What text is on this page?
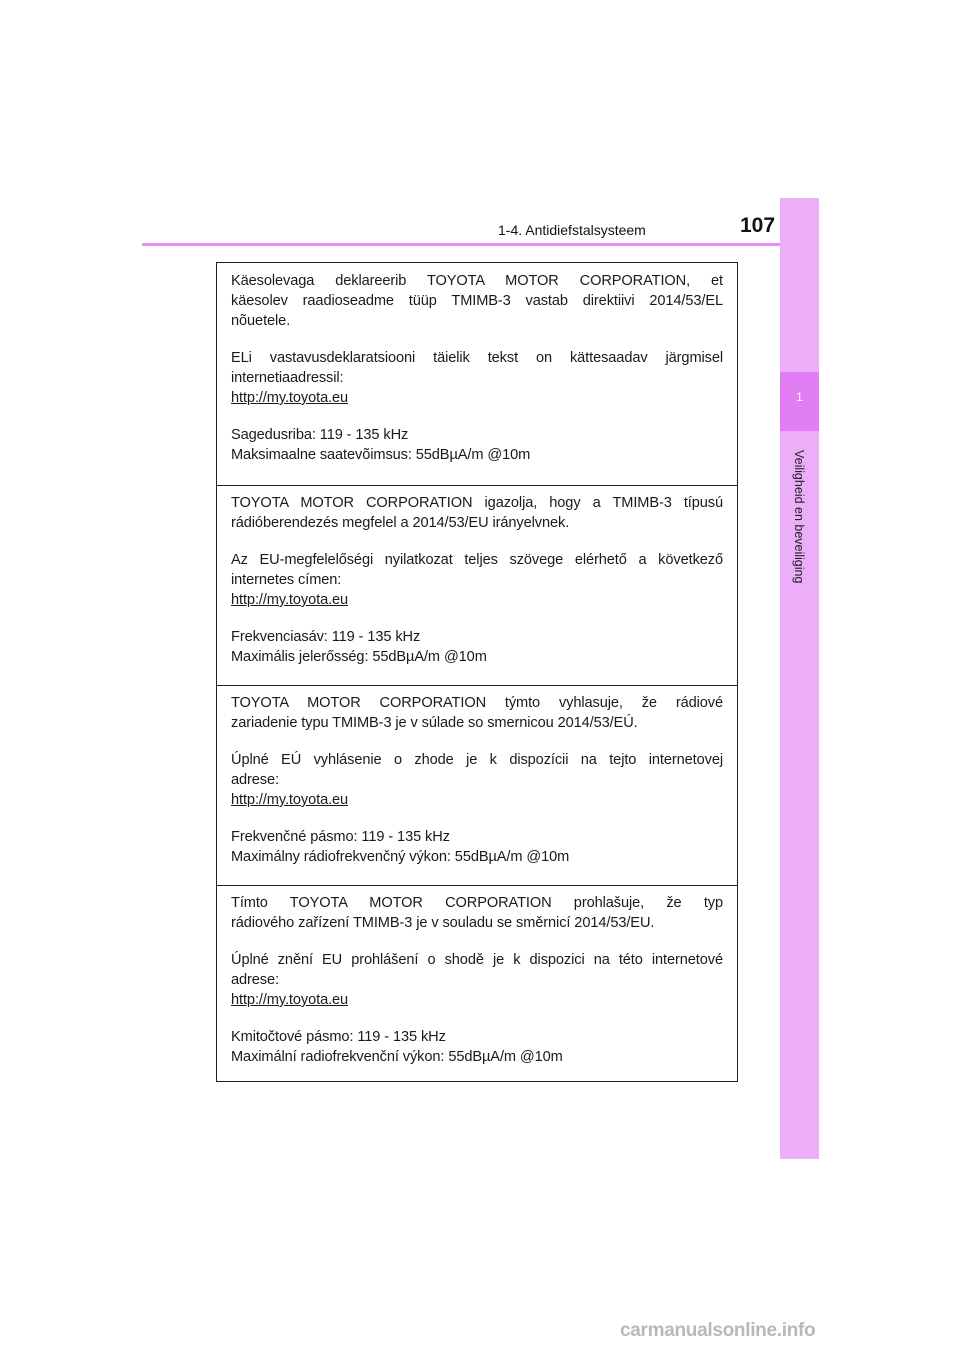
1-4. Antidiefstalsysteem	107
1
Veiligheid en beveiliging

Käesolevaga deklareerib TOYOTA MOTOR CORPORATION, et
käesolev raadioseadme tüüp TMIMB-3 vastab direktiivi 2014/53/EL
nõuetele.

ELi vastavusdeklaratsiooni täielik tekst on kättesaadav järgmisel
internetiaadressil:
http://my.toyota.eu

Sagedusriba: 119 - 135 kHz
Maksimaalne saatevõimsus: 55dBµA/m @10m

TOYOTA MOTOR CORPORATION igazolja, hogy a TMIMB-3 típusú
rádióberendezés megfelel a 2014/53/EU irányelvnek.

Az EU-megfelelőségi nyilatkozat teljes szövege elérhető a következő
internetes címen:
http://my.toyota.eu

Frekvenciasáv: 119 - 135 kHz
Maximális jelerősség: 55dBµA/m @10m

TOYOTA MOTOR CORPORATION týmto vyhlasuje, že rádiové
zariadenie typu TMIMB-3 je v súlade so smernicou 2014/53/EÚ.

Úplné EÚ vyhlásenie o zhode je k dispozícii na tejto internetovej
adrese:
http://my.toyota.eu

Frekvenčné pásmo: 119 - 135 kHz
Maximálny rádiofrekvenčný výkon: 55dBµA/m @10m

Tímto TOYOTA MOTOR CORPORATION prohlašuje, že typ
rádiového zařízení TMIMB-3 je v souladu se směrnicí 2014/53/EU.

Úplné znění EU prohlášení o shodě je k dispozici na této internetové
adrese:
http://my.toyota.eu

Kmitočtové pásmo: 119 - 135 kHz
Maximální radiofrekvenční výkon: 55dBµA/m @10m

carmanualsonline.info
